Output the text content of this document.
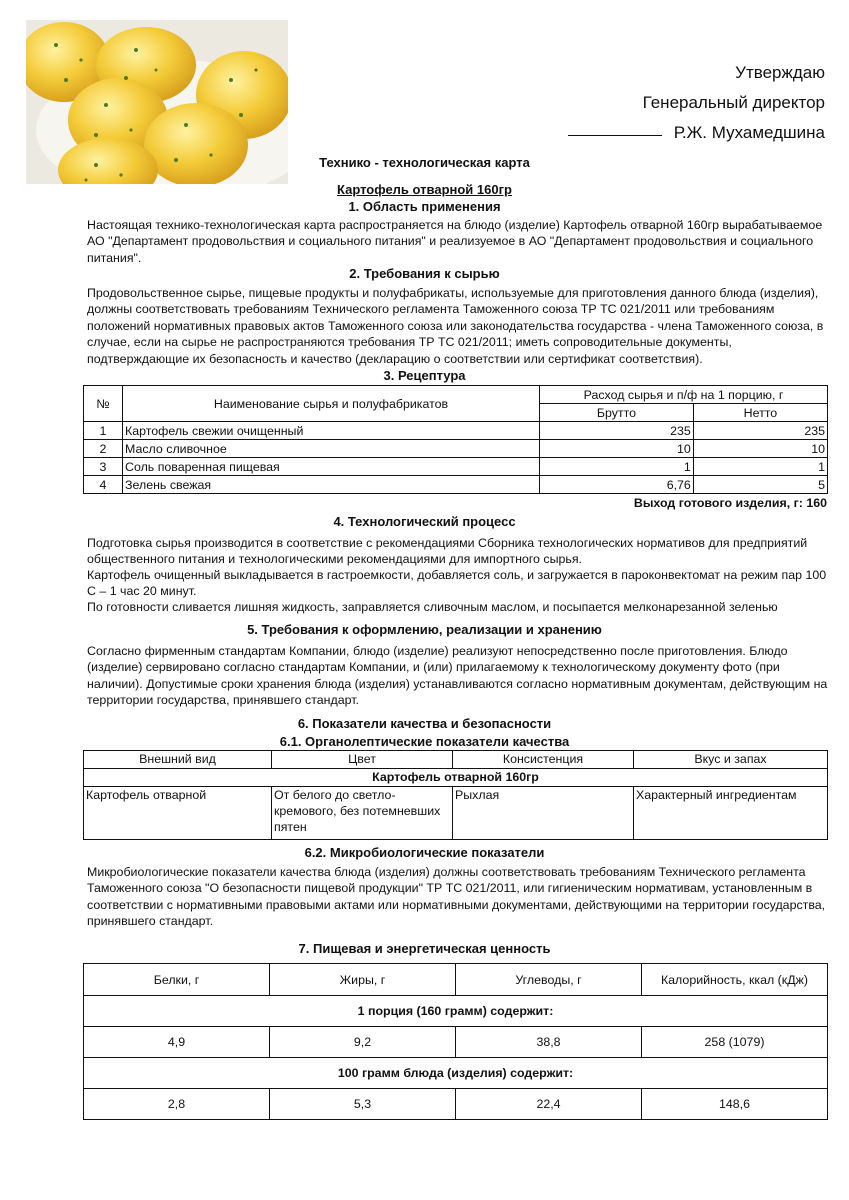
Утверждаю
Генеральный директор
Р.Ж. Мухамедшина
Технико - технологическая карта
Картофель отварной 160гр
1. Область применения
Настоящая технико-технологическая карта распространяется на блюдо (изделие) Картофель отварной 160гр вырабатываемое АО "Департамент продовольствия и социального питания" и реализуемое в АО "Департамент продовольствия и социального питания".
2. Требования к сырью
Продовольственное сырье, пищевые продукты и полуфабрикаты, используемые для приготовления данного блюда (изделия), должны соответствовать требованиям Технического регламента Таможенного союза ТР ТС 021/2011 или требованиям положений нормативных правовых актов Таможенного союза или законодательства государства - члена Таможенного союза, в случае, если на сырье не распространяются требования ТР ТС 021/2011; иметь сопроводительные документы, подтверждающие их безопасность и качество (декларацию о соответствии или сертификат соответствия).
3. Рецептура
№	Наименование сырья и полуфабрикатов	Расход сырья и п/ф на 1 порцию, г	
		Брутто	Нетто
1	Картофель свежии очищенный	235	235
2	Масло сливочное	10	10
3	Соль поваренная пищевая	1	1
4	Зелень свежая	6,76	5
Выход готового изделия, г: 160
4. Технологический процесс
Подготовка сырья производится в соответствие с рекомендациями Сборника технологических нормативов для предприятий общественного питания и технологическими рекомендациями для импортного сырья.
Картофель очищенный выкладывается в гастроемкости, добавляется соль, и загружается в пароконвектомат на режим пар 100 С – 1 час 20 минут.
По готовности сливается лишняя жидкость, заправляется сливочным маслом, и посыпается мелконарезанной зеленью
5. Требования к оформлению, реализации и хранению
Согласно фирменным стандартам Компании, блюдо (изделие) реализуют непосредственно после приготовления. Блюдо (изделие) сервировано согласно стандартам Компании, и (или) прилагаемому к технологическому документу фото (при наличии). Допустимые сроки хранения блюда (изделия) устанавливаются согласно нормативным документам, действующим на территории государства, принявшего стандарт.
6. Показатели качества и безопасности
6.1. Органолептические показатели качества
Внешний вид	Цвет	Консистенция	Вкус и запах
Картофель отварной 160гр			
Картофель отварной	От белого до светло-кремового, без потемневших пятен	Рыхлая	Характерный ингредиентам
6.2. Микробиологические показатели
Микробиологические показатели качества блюда (изделия) должны соответствовать требованиям Технического регламента Таможенного союза "О безопасности пищевой продукции" ТР ТС 021/2011, или гигиеническим нормативам, установленным в соответствии с нормативными правовыми актами или нормативными документами, действующими на территории государства, принявшего стандарт.
7. Пищевая и энергетическая ценность
Белки, г	Жиры, г	Углеводы, г	Калорийность, ккал (кДж)
1 порция (160 грамм) содержит:			
4,9	9,2	38,8	258 (1079)
100 грамм блюда (изделия) содержит:			
2,8	5,3	22,4	148,6
